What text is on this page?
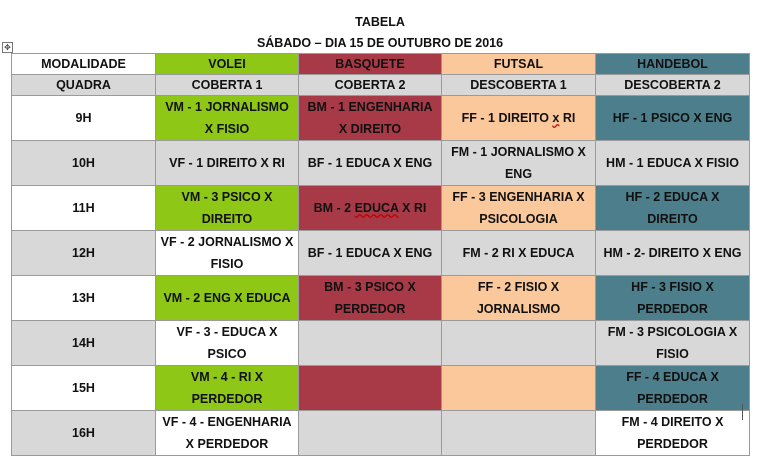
TABELA
SÁBADO – DIA 15 DE OUTUBRO DE 2016
✥
MODALIDADE	VOLEI	BASQUETE	FUTSAL	HANDEBOL
QUADRA	COBERTA 1	COBERTA 2	DESCOBERTA 1	DESCOBERTA 2
9H	VM - 1 JORNALISMO X FISIO	BM - 1 ENGENHARIA X DIREITO	FF - 1 DIREITO x RI	HF - 1 PSICO X ENG
10H	VF - 1 DIREITO X RI	BF - 1 EDUCA X ENG	FM - 1 JORNALISMO X ENG	HM - 1 EDUCA X FISIO
11H	VM - 3 PSICO X DIREITO	BM - 2 EDUCA X RI	FF - 3 ENGENHARIA X PSICOLOGIA	HF - 2 EDUCA X DIREITO
12H	VF - 2 JORNALISMO X FISIO	BF - 1 EDUCA X ENG	FM - 2 RI X EDUCA	HM - 2- DIREITO X ENG
13H	VM - 2 ENG X EDUCA	BM - 3 PSICO X PERDEDOR	FF - 2 FISIO X JORNALISMO	HF - 3 FISIO X PERDEDOR
14H	VF - 3 - EDUCA X PSICO			FM - 3 PSICOLOGIA X FISIO
15H	VM - 4 - RI X PERDEDOR			FF - 4 EDUCA X PERDEDOR
16H	VF - 4 - ENGENHARIA X PERDEDOR			FM - 4 DIREITO X PERDEDOR
